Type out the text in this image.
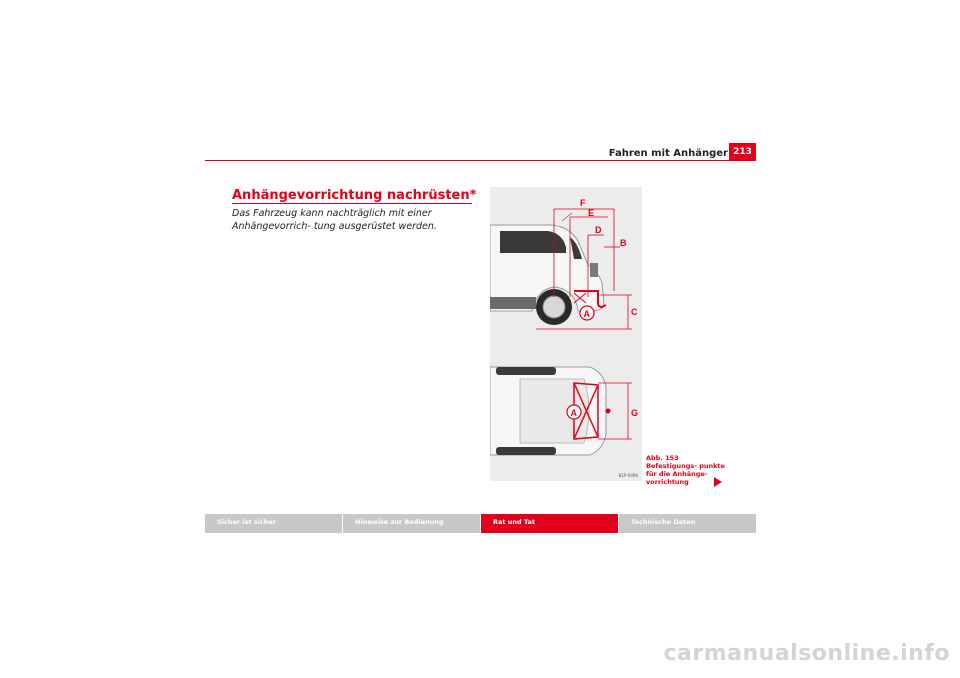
Fahren mit Anhänger 213
Anhängevorrichtung nachrüsten*

Das Fahrzeug kann nachträglich mit einer Anhängevorrich- tung ausgerüstet werden.

F
E
D
B
C
G
A
A
B1P-0496
Abb. 153 Befestigungs- punkte für die Anhänge- vorrichtung
Sicher ist sicher	Hinweise zur Bedienung	Rat und Tat	Technische Daten
carmanualsonline.info
